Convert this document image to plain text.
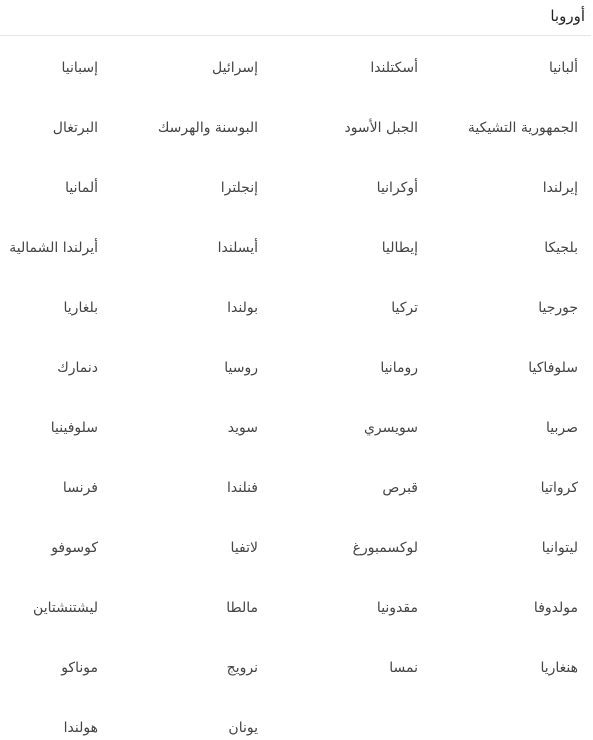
أوروبا
ألبانيا
أسكتلندا
إسرائيل
إسبانيا
الجمهورية التشيكية
الجبل الأسود
البوسنة والهرسك
البرتغال
إيرلندا
أوكرانيا
إنجلترا
ألمانيا
بلجيكا
إيطاليا
أيسلندا
أيرلندا الشمالية
جورجيا
تركيا
بولندا
بلغاريا
سلوفاكيا
رومانيا
روسيا
دنمارك
صربيا
سويسري
سويد
سلوفينيا
كرواتيا
قبرص
فنلندا
فرنسا
ليتوانيا
لوكسمبورغ
لاتفيا
كوسوفو
مولدوفا
مقدونيا
مالطا
ليشتنشتاين
هنغاريا
نمسا
نرويج
موناكو
يونان
هولندا
